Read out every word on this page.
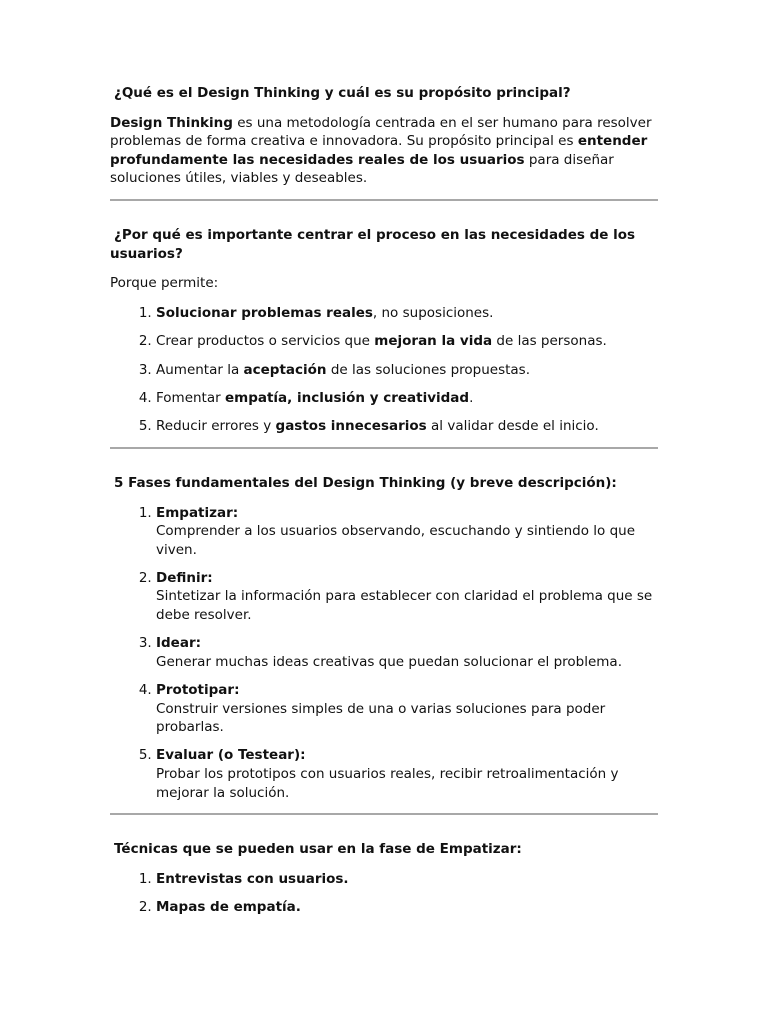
¿Qué es el Design Thinking y cuál es su propósito principal?

Design Thinking es una metodología centrada en el ser humano para resolver problemas de forma creativa e innovadora. Su propósito principal es entender profundamente las necesidades reales de los usuarios para diseñar soluciones útiles, viables y deseables.

¿Por qué es importante centrar el proceso en las necesidades de los usuarios?

Porque permite:

1. Solucionar problemas reales, no suposiciones.
2. Crear productos o servicios que mejoran la vida de las personas.
3. Aumentar la aceptación de las soluciones propuestas.
4. Fomentar empatía, inclusión y creatividad.
5. Reducir errores y gastos innecesarios al validar desde el inicio.
5 Fases fundamentales del Design Thinking (y breve descripción):
1. Empatizar:
Comprender a los usuarios observando, escuchando y sintiendo lo que viven.
2. Definir:
Sintetizar la información para establecer con claridad el problema que se debe resolver.
3. Idear:
Generar muchas ideas creativas que puedan solucionar el problema.
4. Prototipar:
Construir versiones simples de una o varias soluciones para poder probarlas.
5. Evaluar (o Testear):
Probar los prototipos con usuarios reales, recibir retroalimentación y mejorar la solución.
Técnicas que se pueden usar en la fase de Empatizar:
1. Entrevistas con usuarios.
2. Mapas de empatía.
